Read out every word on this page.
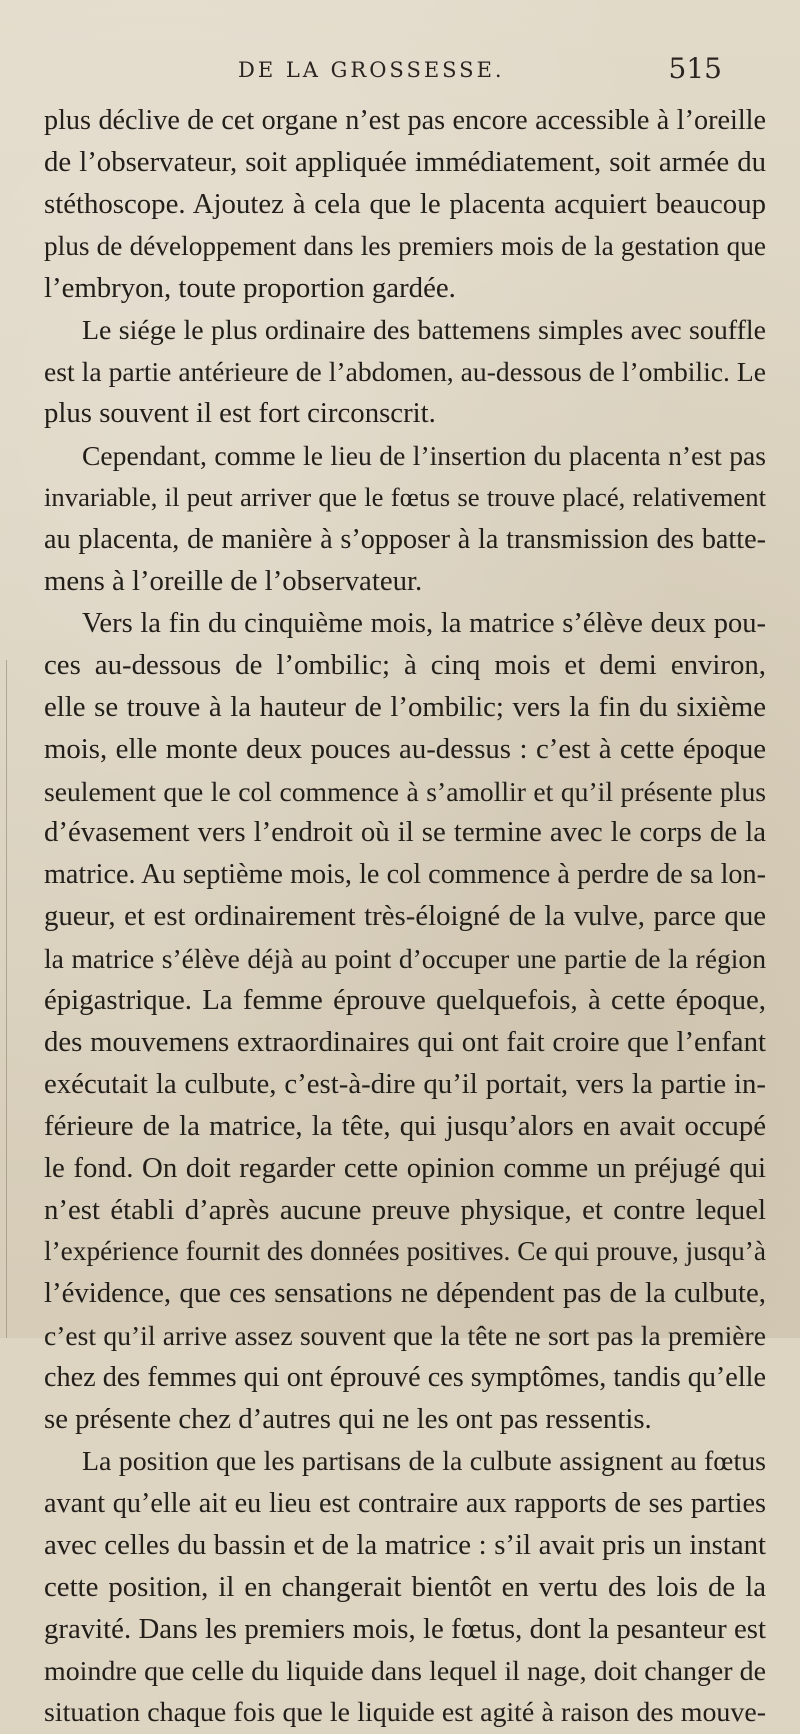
DE LA GROSSESSE.	515
plus déclive de cet organe n’est pas encore accessible à l’oreille
de l’observateur, soit appliquée immédiatement, soit armée du
stéthoscope. Ajoutez à cela que le placenta acquiert beaucoup
plus de développement dans les premiers mois de la gestation que
l’embryon, toute proportion gardée.
Le siége le plus ordinaire des battemens simples avec souffle
est la partie antérieure de l’abdomen, au-dessous de l’ombilic. Le
plus souvent il est fort circonscrit.
Cependant, comme le lieu de l’insertion du placenta n’est pas
invariable, il peut arriver que le fœtus se trouve placé, relativement
au placenta, de manière à s’opposer à la transmission des batte-
mens à l’oreille de l’observateur.
Vers la fin du cinquième mois, la matrice s’élève deux pou-
ces au-dessous de l’ombilic; à cinq mois et demi environ,
elle se trouve à la hauteur de l’ombilic; vers la fin du sixième
mois, elle monte deux pouces au-dessus : c’est à cette époque
seulement que le col commence à s’amollir et qu’il présente plus
d’évasement vers l’endroit où il se termine avec le corps de la
matrice. Au septième mois, le col commence à perdre de sa lon-
gueur, et est ordinairement très-éloigné de la vulve, parce que
la matrice s’élève déjà au point d’occuper une partie de la région
épigastrique. La femme éprouve quelquefois, à cette époque,
des mouvemens extraordinaires qui ont fait croire que l’enfant
exécutait la culbute, c’est-à-dire qu’il portait, vers la partie in-
férieure de la matrice, la tête, qui jusqu’alors en avait occupé
le fond. On doit regarder cette opinion comme un préjugé qui
n’est établi d’après aucune preuve physique, et contre lequel
l’expérience fournit des données positives. Ce qui prouve, jusqu’à
l’évidence, que ces sensations ne dépendent pas de la culbute,
c’est qu’il arrive assez souvent que la tête ne sort pas la première
chez des femmes qui ont éprouvé ces symptômes, tandis qu’elle
se présente chez d’autres qui ne les ont pas ressentis.
La position que les partisans de la culbute assignent au fœtus
avant qu’elle ait eu lieu est contraire aux rapports de ses parties
avec celles du bassin et de la matrice : s’il avait pris un instant
cette position, il en changerait bientôt en vertu des lois de la
gravité. Dans les premiers mois, le fœtus, dont la pesanteur est
moindre que celle du liquide dans lequel il nage, doit changer de
situation chaque fois que le liquide est agité à raison des mouve-
